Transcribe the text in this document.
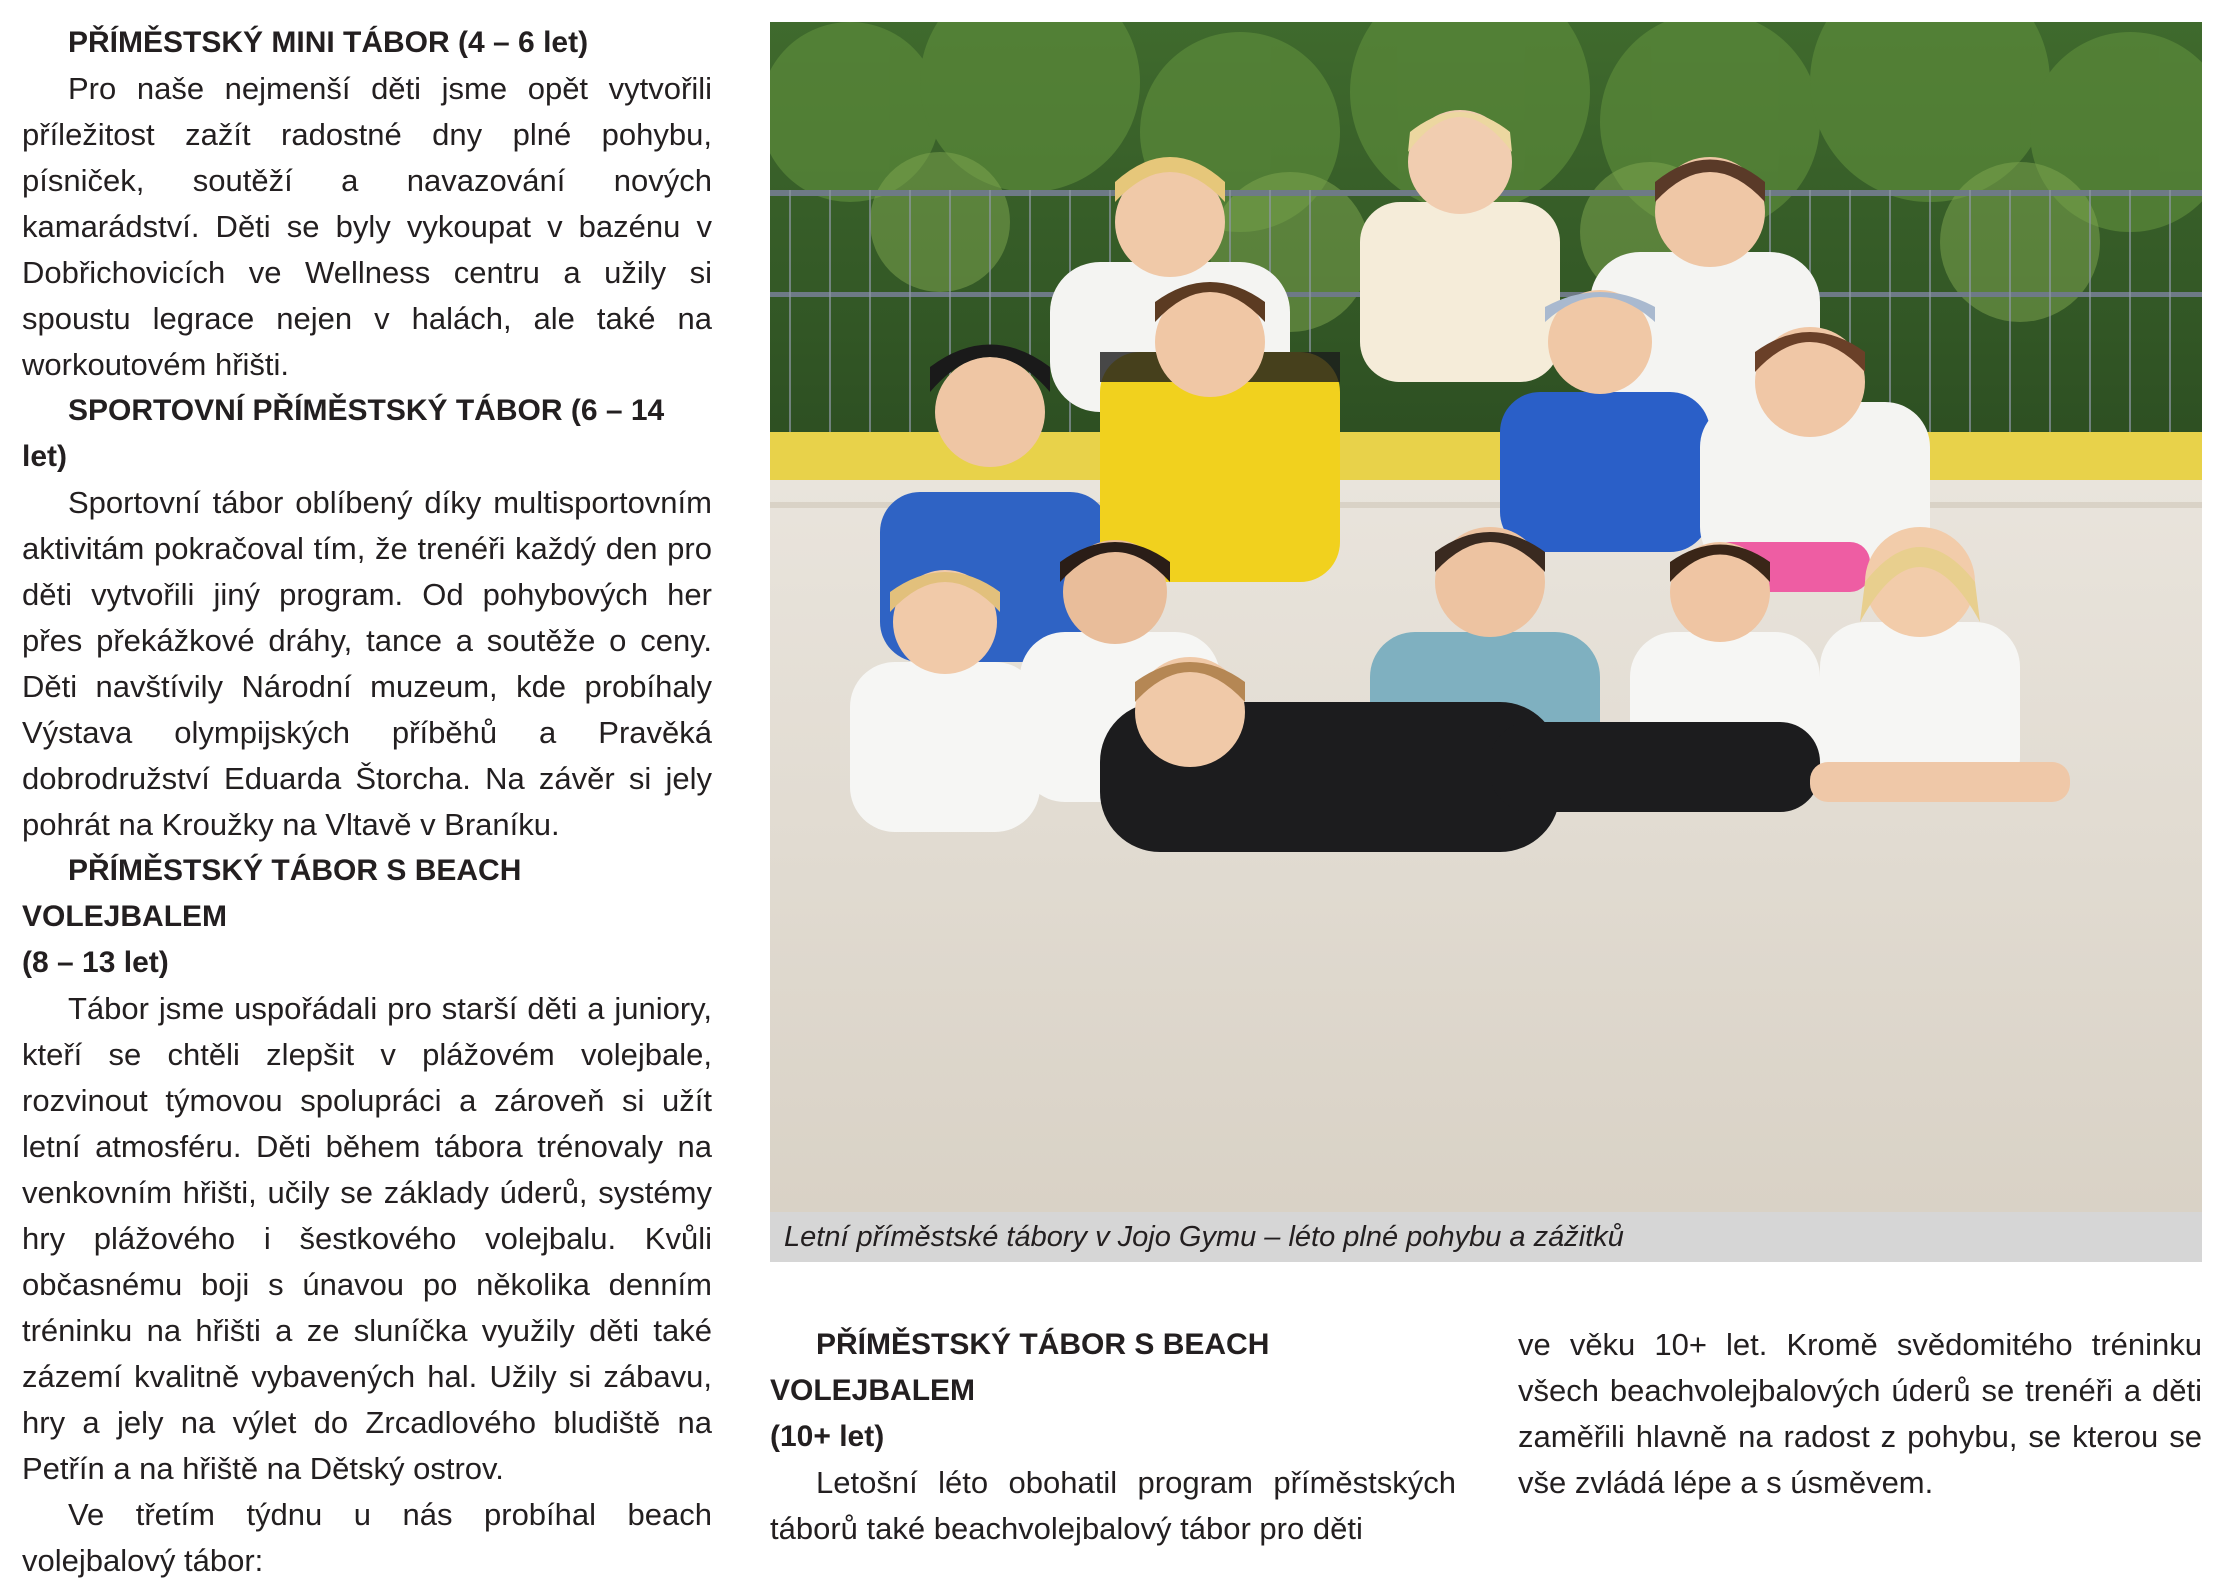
PŘÍMĚSTSKÝ MINI TÁBOR (4 – 6 let)

Pro naše nejmenší děti jsme opět vytvořili příležitost zažít radostné dny plné pohybu, písniček, soutěží a navazování nových kamarádství. Děti se byly vykoupat v bazénu v Dobřichovicích ve Wellness centru a užily si spoustu legrace nejen v halách, ale také na workoutovém hřišti.

SPORTOVNÍ PŘÍMĚSTSKÝ TÁBOR (6 – 14 let)

Sportovní tábor oblíbený díky multisportovním aktivitám pokračoval tím, že trenéři každý den pro děti vytvořili jiný program. Od pohybových her přes překážkové dráhy, tance a soutěže o ceny. Děti navštívily Národní muzeum, kde probíhaly Výstava olympijských příběhů a Pravěká dobrodružství Eduarda Štorcha. Na závěr si jely pohrát na Kroužky na Vltavě v Braníku.

PŘÍMĚSTSKÝ TÁBOR S BEACH VOLEJBALEM
(8 – 13 let)

Tábor jsme uspořádali pro starší děti a juniory, kteří se chtěli zlepšit v plážovém volejbale, rozvinout týmovou spolupráci a zároveň si užít letní atmosféru. Děti během tábora trénovaly na venkovním hřišti, učily se základy úderů, systémy hry plážového i šestkového volejbalu. Kvůli občasnému boji s únavou po několika denním tréninku na hřišti a ze sluníčka využily děti také zázemí kvalitně vybavených hal. Užily si zábavu, hry a jely na výlet do Zrcadlového bludiště na Petřín a na hřiště na Dětský ostrov.

Ve třetím týdnu u nás probíhal beach volejbalový tábor:

Letní příměstské tábory v Jojo Gymu – léto plné pohybu a zážitků
PŘÍMĚSTSKÝ TÁBOR S BEACH VOLEJBALEM
(10+ let)

Letošní léto obohatil program příměstských táborů také beachvolejbalový tábor pro děti

ve věku 10+ let. Kromě svědomitého tréninku všech beachvolejbalových úderů se trenéři a děti zaměřili hlavně na radost z pohybu, se kterou se vše zvládá lépe a s úsměvem.
